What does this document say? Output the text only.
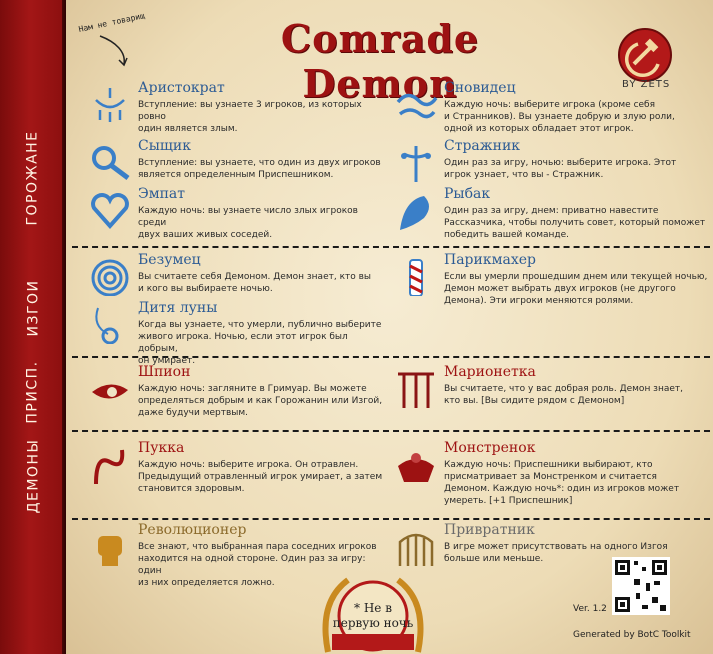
ГОРОЖАНЕ
ИЗГОИ
ПРИСП.
ДЕМОНЫ
Нам не товарищ	Comrade Demon	BY ZETS
Аристократ
Вступление: вы узнаете 3 игроков, из которых ровно
один является злым.
Сыщик
Вступление: вы узнаете, что один из двух игроков
является определенным Приспешником.
Эмпат
Каждую ночь: вы узнаете число злых игроков среди
двух ваших живых соседей.
Безумец
Вы считаете себя Демоном. Демон знает, кто вы
и кого вы выбираете ночью.
Дитя луны
Когда вы узнаете, что умерли, публично выберите
живого игрока. Ночью, если этот игрок был добрым,
он умирает.
Шпион
Каждую ночь: загляните в Гримуар. Вы можете
определяться добрым и как Горожанин или Изгой,
даже будучи мертвым.
Пукка
Каждую ночь: выберите игрока. Он отравлен.
Предыдущий отравленный игрок умирает, а затем
становится здоровым.
Революционер
Все знают, что выбранная пара соседних игроков
находится на одной стороне. Один раз за игру: один
из них определяется ложно.
Сновидец
Каждую ночь: выберите игрока (кроме себя
и Странников). Вы узнаете добрую и злую роли,
одной из которых обладает этот игрок.
Стражник
Один раз за игру, ночью: выберите игрока. Этот
игрок узнает, что вы - Стражник.
Рыбак
Один раз за игру, днем: приватно навестите
Рассказчика, чтобы получить совет, который поможет
победить вашей команде.
Парикмахер
Если вы умерли прошедшим днем или текущей ночью,
Демон может выбрать двух игроков (не другого
Демона). Эти игроки меняются ролями.
Марионетка
Вы считаете, что у вас добрая роль. Демон знает,
кто вы. [Вы сидите рядом с Демоном]
Монстренок
Каждую ночь: Приспешники выбирают, кто
присматривает за Монстренком и считается
Демоном. Каждую ночь*: один из игроков может
умереть. [+1 Приспешник]
Привратник
В игре может присутствовать на одного Изгоя
больше или меньше.
* Не в
первую ночь
Ver. 1.2
Generated by BotC Toolkit
